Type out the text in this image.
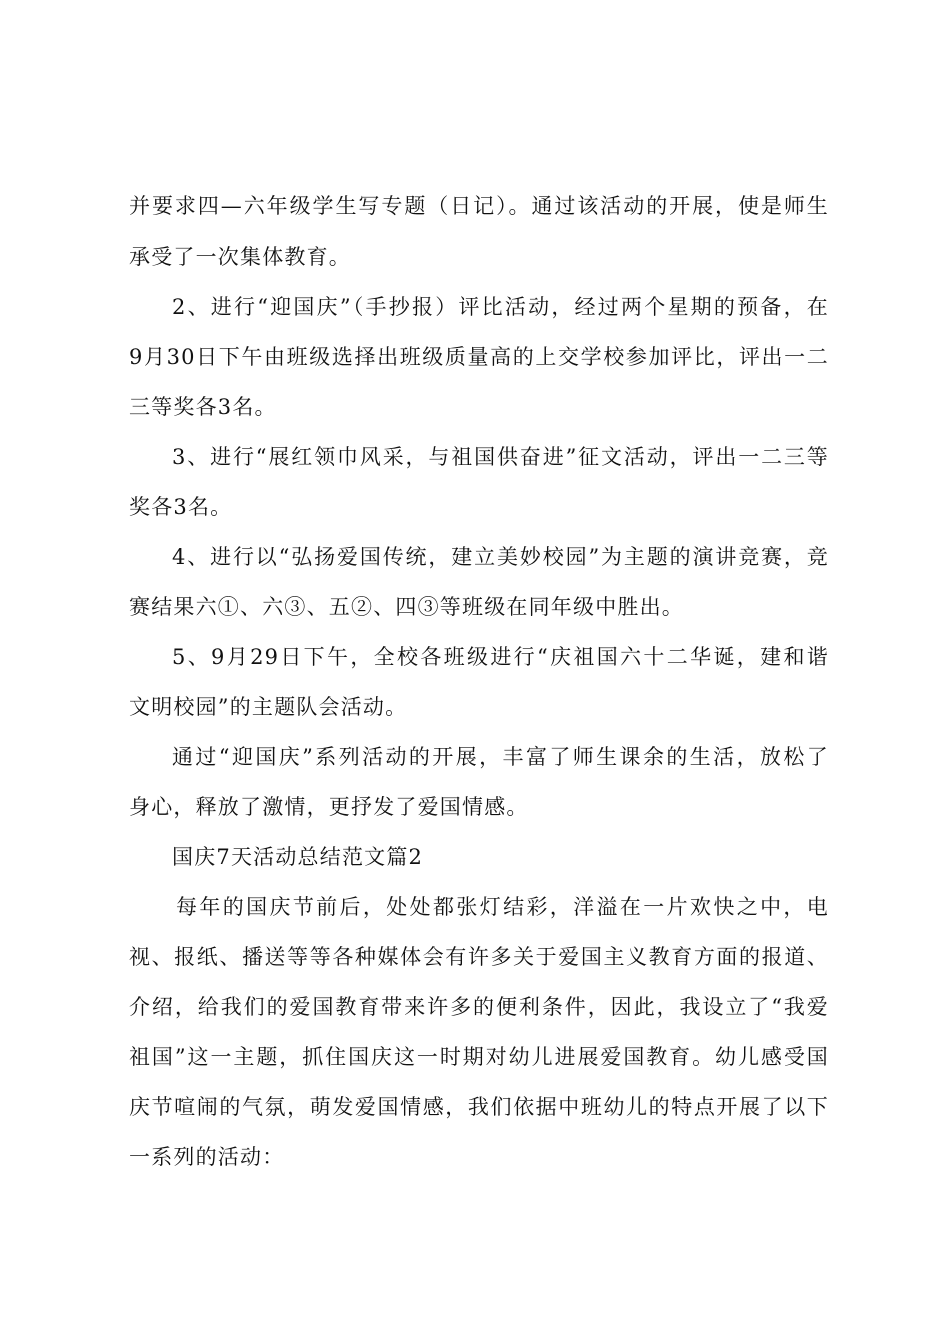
并要求四—六年级学生写专题（日记）。通过该活动的开展，使是师生

承受了一次集体教育。

2、进行“迎国庆”（手抄报）评比活动，经过两个星期的预备，在

9月30日下午由班级选择出班级质量高的上交学校参加评比，评出一二

三等奖各3名。

3、进行“展红领巾风采，与祖国供奋进”征文活动，评出一二三等

奖各3名。

4、进行以“弘扬爱国传统，建立美妙校园”为主题的演讲竞赛，竞

赛结果六①、六③、五②、四③等班级在同年级中胜出。

5、9月29日下午，全校各班级进行“庆祖国六十二华诞，建和谐

文明校园”的主题队会活动。

通过“迎国庆”系列活动的开展，丰富了师生课余的生活，放松了

身心，释放了激情，更抒发了爱国情感。

国庆7天活动总结范文篇2

每年的国庆节前后，处处都张灯结彩，洋溢在一片欢快之中，电

视、报纸、播送等等各种媒体会有许多关于爱国主义教育方面的报道、

介绍，给我们的爱国教育带来许多的便利条件，因此，我设立了“我爱

祖国”这一主题，抓住国庆这一时期对幼儿进展爱国教育。幼儿感受国

庆节喧闹的气氛，萌发爱国情感，我们依据中班幼儿的特点开展了以下

一系列的活动：
